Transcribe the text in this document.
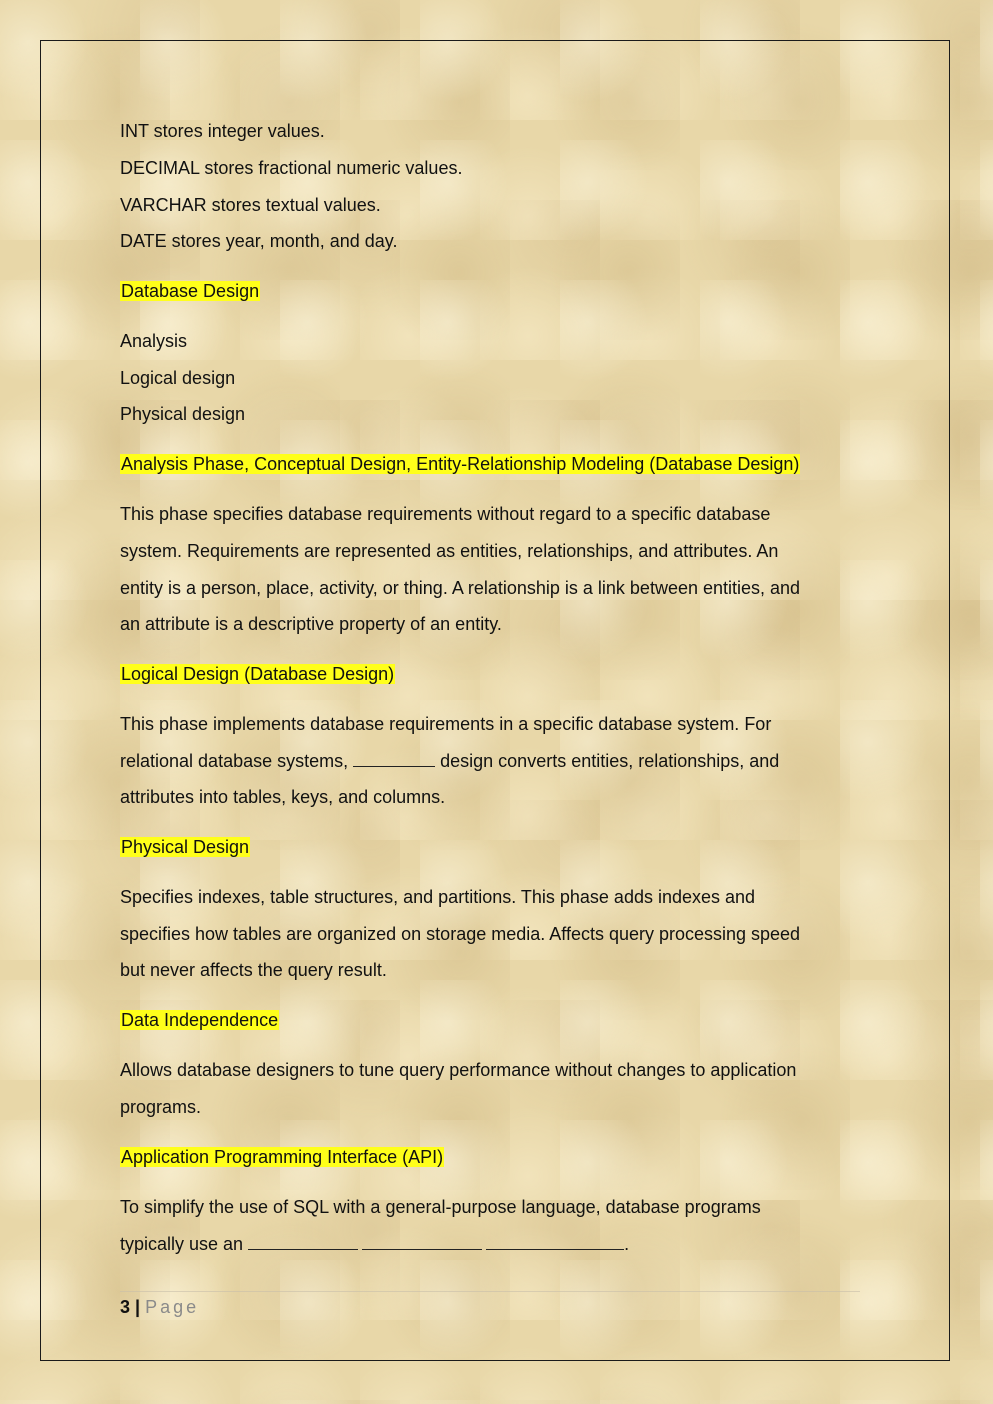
INT stores integer values.
DECIMAL stores fractional numeric values.
VARCHAR stores textual values.
DATE stores year, month, and day.
Database Design
Analysis
Logical design
Physical design
Analysis Phase, Conceptual Design, Entity-Relationship Modeling (Database Design)
This phase specifies database requirements without regard to a specific database
system. Requirements are represented as entities, relationships, and attributes. An
entity is a person, place, activity, or thing. A relationship is a link between entities, and
an attribute is a descriptive property of an entity.
Logical Design (Database Design)
This phase implements database requirements in a specific database system. For
relational database systems,	design converts entities, relationships, and
attributes into tables, keys, and columns.
Physical Design
Specifies indexes, table structures, and partitions. This phase adds indexes and
specifies how tables are organized on storage media. Affects query processing speed
but never affects the query result.
Data Independence
Allows database designers to tune query performance without changes to application
programs.
Application Programming Interface (API)
To simplify the use of SQL with a general-purpose language, database programs
typically use an	.
3 | Page
